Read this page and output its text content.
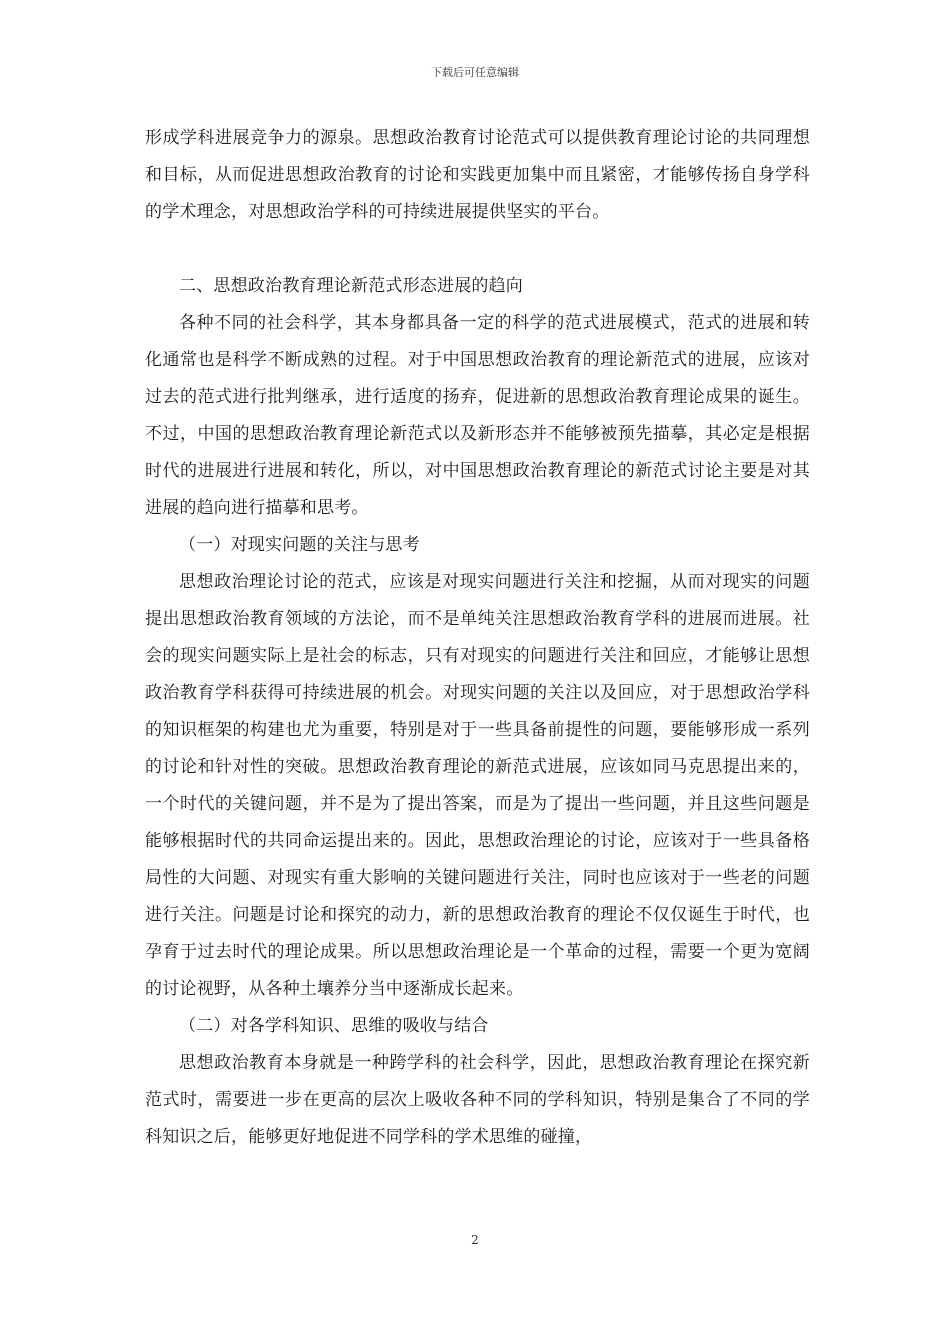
下载后可任意编辑

形成学科进展竞争力的源泉。思想政治教育讨论范式可以提供教育理论讨论的共同理想和目标，从而促进思想政治教育的讨论和实践更加集中而且紧密，才能够传扬自身学科的学术理念，对思想政治学科的可持续进展提供坚实的平台。

二、思想政治教育理论新范式形态进展的趋向

各种不同的社会科学，其本身都具备一定的科学的范式进展模式，范式的进展和转化通常也是科学不断成熟的过程。对于中国思想政治教育的理论新范式的进展，应该对过去的范式进行批判继承，进行适度的扬弃，促进新的思想政治教育理论成果的诞生。不过，中国的思想政治教育理论新范式以及新形态并不能够被预先描摹，其必定是根据时代的进展进行进展和转化，所以，对中国思想政治教育理论的新范式讨论主要是对其进展的趋向进行描摹和思考。

（一）对现实问题的关注与思考

思想政治理论讨论的范式，应该是对现实问题进行关注和挖掘，从而对现实的问题提出思想政治教育领域的方法论，而不是单纯关注思想政治教育学科的进展而进展。社会的现实问题实际上是社会的标志，只有对现实的问题进行关注和回应，才能够让思想政治教育学科获得可持续进展的机会。对现实问题的关注以及回应，对于思想政治学科的知识框架的构建也尤为重要，特别是对于一些具备前提性的问题，要能够形成一系列的讨论和针对性的突破。思想政治教育理论的新范式进展，应该如同马克思提出来的，一个时代的关键问题，并不是为了提出答案，而是为了提出一些问题，并且这些问题是能够根据时代的共同命运提出来的。因此，思想政治理论的讨论，应该对于一些具备格局性的大问题、对现实有重大影响的关键问题进行关注，同时也应该对于一些老的问题进行关注。问题是讨论和探究的动力，新的思想政治教育的理论不仅仅诞生于时代，也孕育于过去时代的理论成果。所以思想政治理论是一个革命的过程，需要一个更为宽阔的讨论视野，从各种土壤养分当中逐渐成长起来。

（二）对各学科知识、思维的吸收与结合

思想政治教育本身就是一种跨学科的社会科学，因此，思想政治教育理论在探究新范式时，需要进一步在更高的层次上吸收各种不同的学科知识，特别是集合了不同的学科知识之后，能够更好地促进不同学科的学术思维的碰撞，

2
